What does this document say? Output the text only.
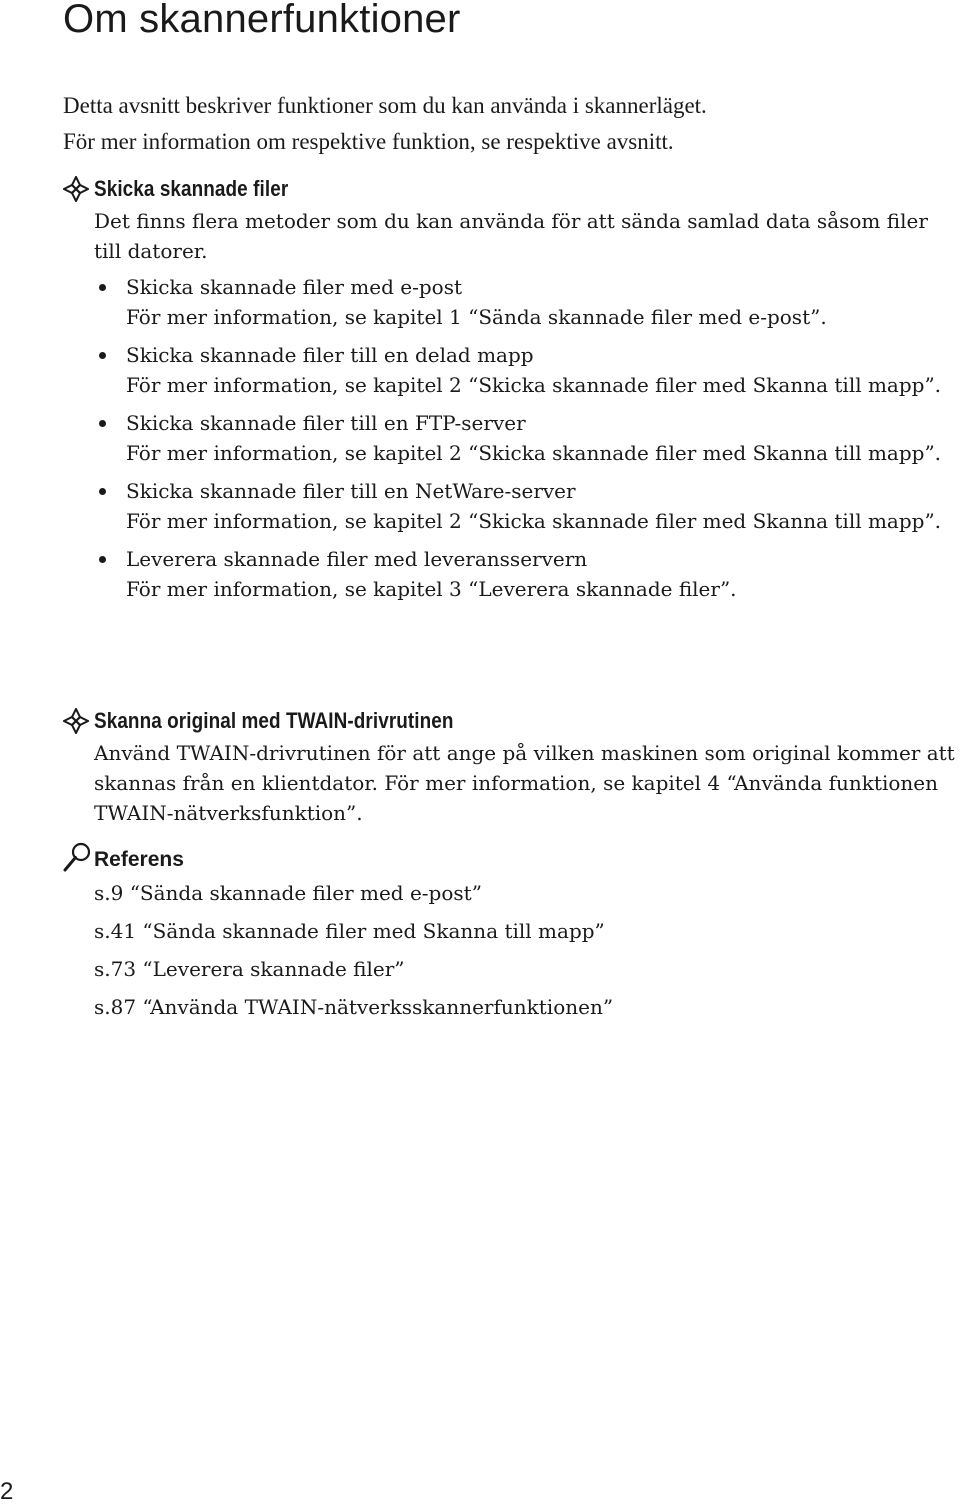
Om skannerfunktioner

Detta avsnitt beskriver funktioner som du kan använda i skannerläget.

För mer information om respektive funktion, se respektive avsnitt.

Skicka skannade filer

Det finns flera metoder som du kan använda för att sända samlad data såsom filer till datorer.

Skicka skannade filer med e-post
För mer information, se kapitel 1 “Sända skannade filer med e-post”.
Skicka skannade filer till en delad mapp
För mer information, se kapitel 2 “Skicka skannade filer med Skanna till mapp”.
Skicka skannade filer till en FTP-server
För mer information, se kapitel 2 “Skicka skannade filer med Skanna till mapp”.
Skicka skannade filer till en NetWare-server
För mer information, se kapitel 2 “Skicka skannade filer med Skanna till mapp”.
Leverera skannade filer med leveransservern
För mer information, se kapitel 3 “Leverera skannade filer”.
Skanna original med TWAIN-drivrutinen

Använd TWAIN-drivrutinen för att ange på vilken maskinen som original kommer att skannas från en klientdator. För mer information, se kapitel 4 “Använda funktionen TWAIN-nätverksfunktion”.

Referens
s.9 “Sända skannade filer med e-post”
s.41 “Sända skannade filer med Skanna till mapp”
s.73 “Leverera skannade filer”
s.87 “Använda TWAIN-nätverksskannerfunktionen”
2
